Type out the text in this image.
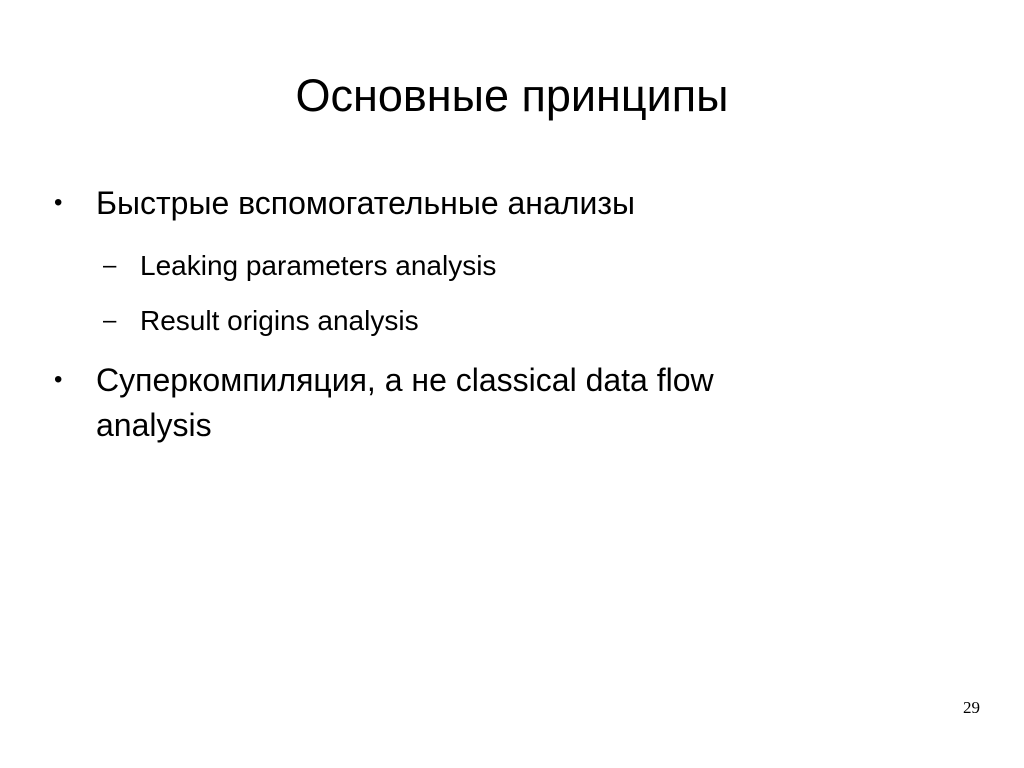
Основные принципы
•	Быстрые вспомогательные анализы
– Leaking parameters analysis
– Result origins analysis
•	Суперкомпиляция, а не classical data flow
analysis
29
